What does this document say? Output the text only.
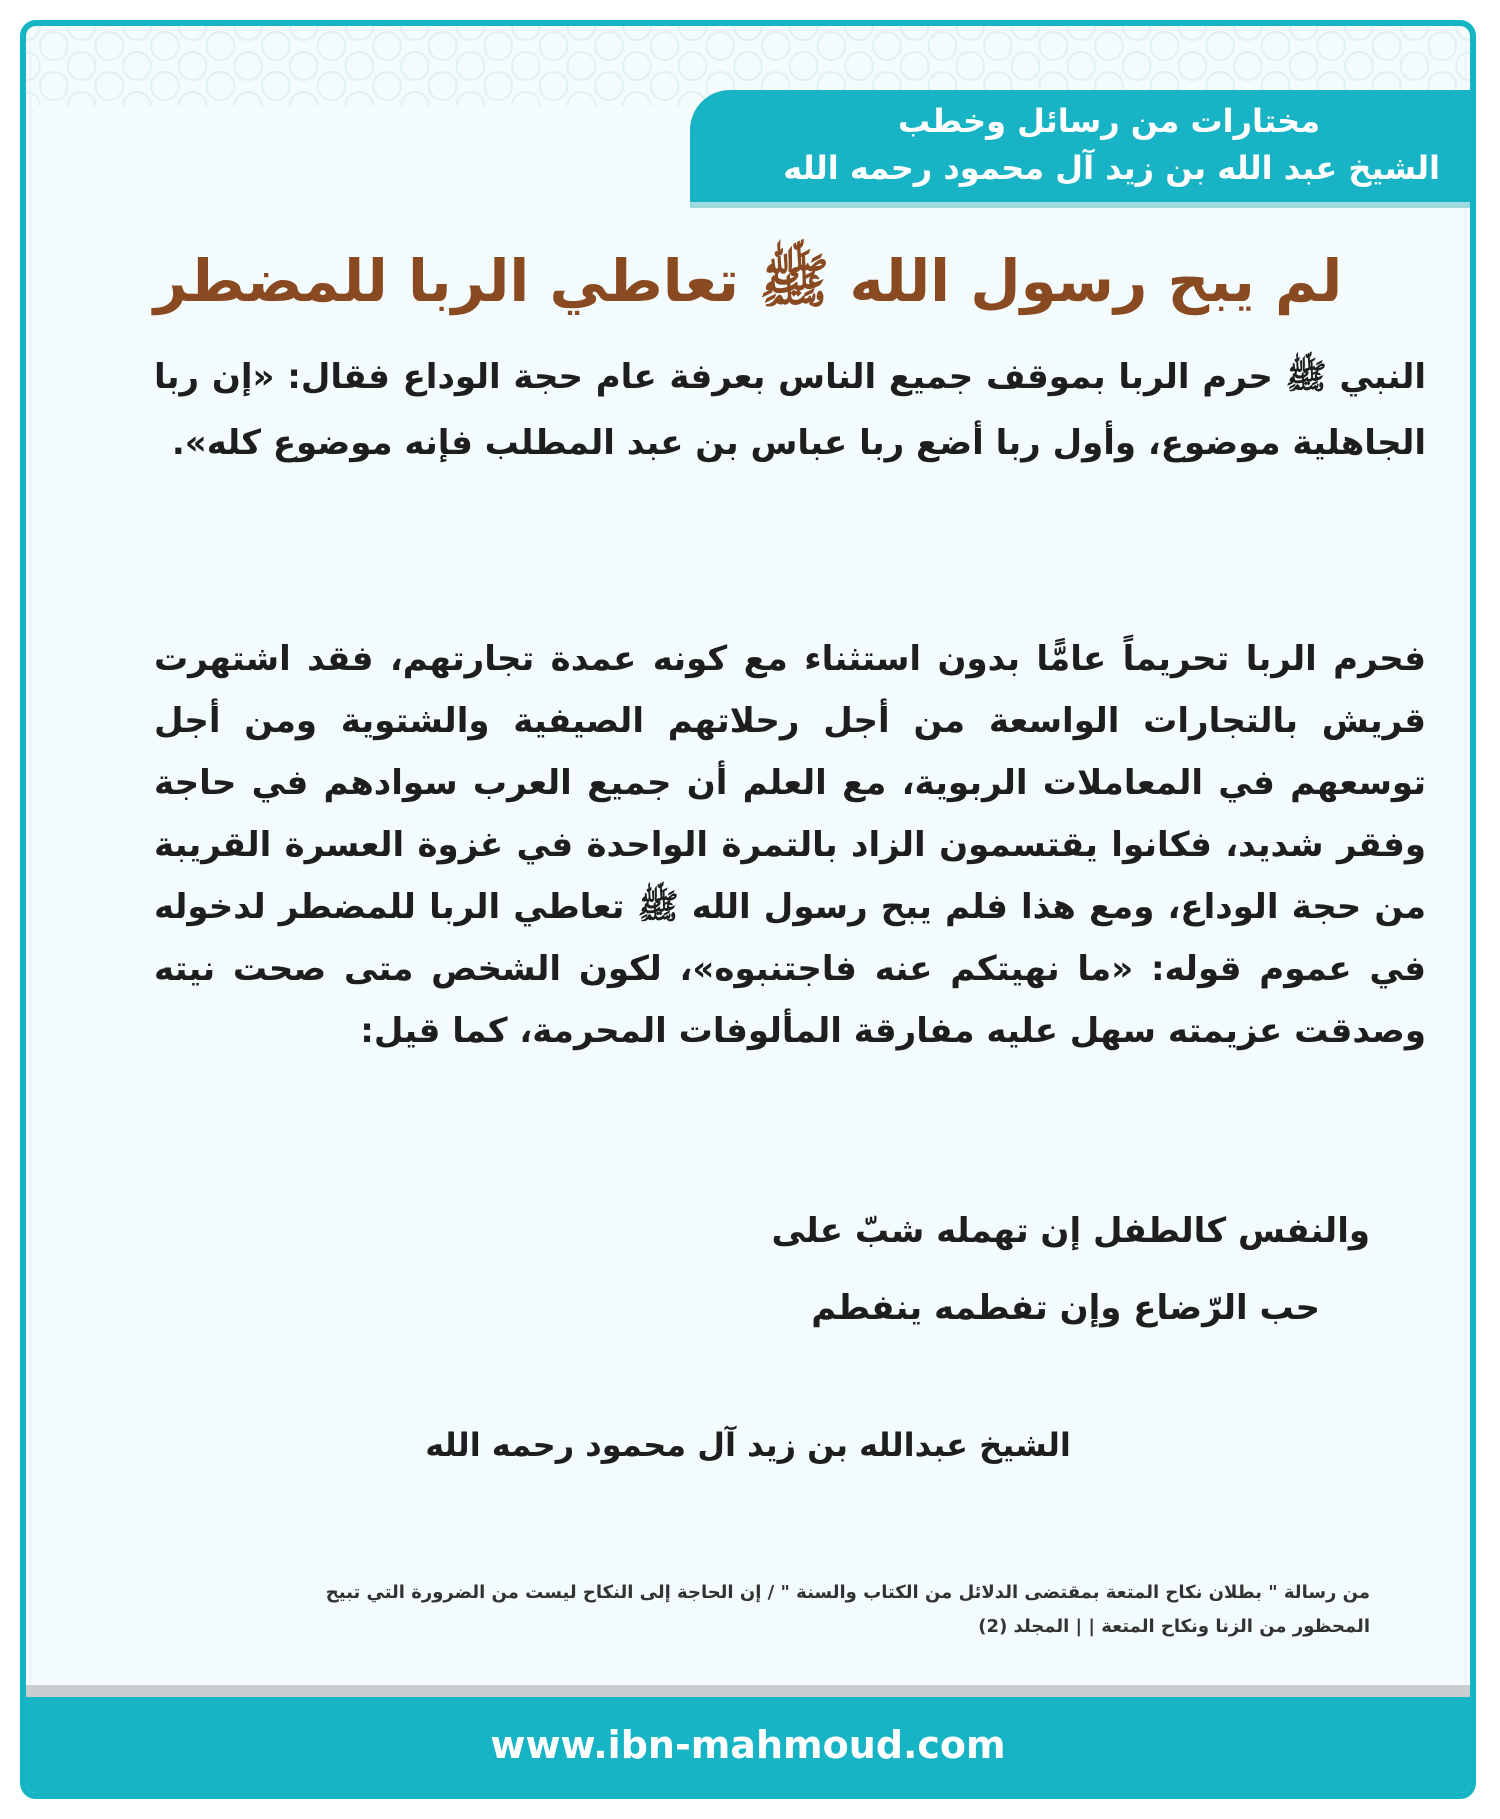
مختارات من رسائل وخطب
الشيخ عبد الله بن زيد آل محمود رحمه الله
لم يبح رسول الله ﷺ تعاطي الربا للمضطر
النبي ﷺ حرم الربا بموقف جميع الناس بعرفة عام حجة الوداع فقال: «إن ربا الجاهلية موضوع، وأول ربا أضع ربا عباس بن عبد المطلب فإنه موضوع كله».
فحرم الربا تحريماً عامًّا بدون استثناء مع كونه عمدة تجارتهم، فقد اشتهرت قريش بالتجارات الواسعة من أجل رحلاتهم الصيفية والشتوية ومن أجل توسعهم في المعاملات الربوية، مع العلم أن جميع العرب سوادهم في حاجة وفقر شديد، فكانوا يقتسمون الزاد بالتمرة الواحدة في غزوة العسرة القريبة من حجة الوداع، ومع هذا فلم يبح رسول الله ﷺ تعاطي الربا للمضطر لدخوله في عموم قوله: «ما نهيتكم عنه فاجتنبوه»، لكون الشخص متى صحت نيته وصدقت عزيمته سهل عليه مفارقة المألوفات المحرمة، كما قيل:
والنفس كالطفل إن تهمله شبّ على
حب الرّضاع وإن تفطمه ينفطم
الشيخ عبدالله بن زيد آل محمود رحمه الله
من رسالة " بطلان نكاح المتعة بمقتضى الدلائل من الكتاب والسنة " / إن الحاجة إلى النكاح ليست من الضرورة التي تبيح
المحظور من الزنا ونكاح المتعة | | المجلد (2)
www.ibn-mahmoud.com
